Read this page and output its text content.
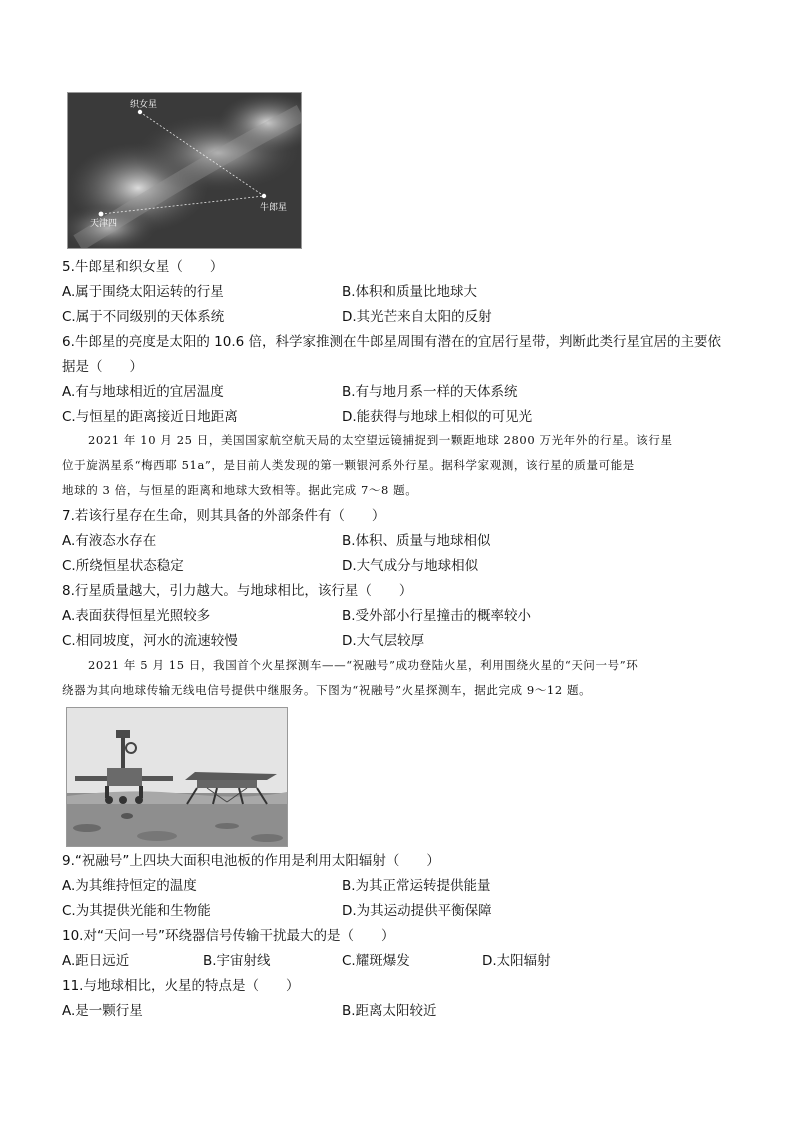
织女星
牛郎星
天津四
5.牛郎星和织女星（　　）
A.属于围绕太阳运转的行星	B.体积和质量比地球大
C.属于不同级别的天体系统	D.其光芒来自太阳的反射
6.牛郎星的亮度是太阳的 10.6 倍，科学家推测在牛郎星周围有潜在的宜居行星带，判断此类行星宜居的主要依
据是（　　）
A.有与地球相近的宜居温度	B.有与地月系一样的天体系统
C.与恒星的距离接近日地距离	D.能获得与地球上相似的可见光
2021 年 10 月 25 日，美国国家航空航天局的太空望远镜捕捉到一颗距地球 2800 万光年外的行星。该行星
位于旋涡星系“梅西耶 51a”，是目前人类发现的第一颗银河系外行星。据科学家观测，该行星的质量可能是
地球的 3 倍，与恒星的距离和地球大致相等。据此完成 7～8 题。
7.若该行星存在生命，则其具备的外部条件有（　　）
A.有液态水存在	B.体积、质量与地球相似
C.所绕恒星状态稳定	D.大气成分与地球相似
8.行星质量越大，引力越大。与地球相比，该行星（　　）
A.表面获得恒星光照较多	B.受外部小行星撞击的概率较小
C.相同坡度，河水的流速较慢	D.大气层较厚
2021 年 5 月 15 日，我国首个火星探测车——“祝融号”成功登陆火星，利用围绕火星的“天问一号”环
绕器为其向地球传输无线电信号提供中继服务。下图为“祝融号”火星探测车，据此完成 9～12 题。
9.“祝融号”上四块大面积电池板的作用是利用太阳辐射（　　）
A.为其维持恒定的温度	B.为其正常运转提供能量
C.为其提供光能和生物能	D.为其运动提供平衡保障
10.对“天问一号”环绕器信号传输干扰最大的是（　　）
A.距日远近	B.宇宙射线	C.耀斑爆发	D.太阳辐射
11.与地球相比，火星的特点是（　　）
A.是一颗行星	B.距离太阳较近
